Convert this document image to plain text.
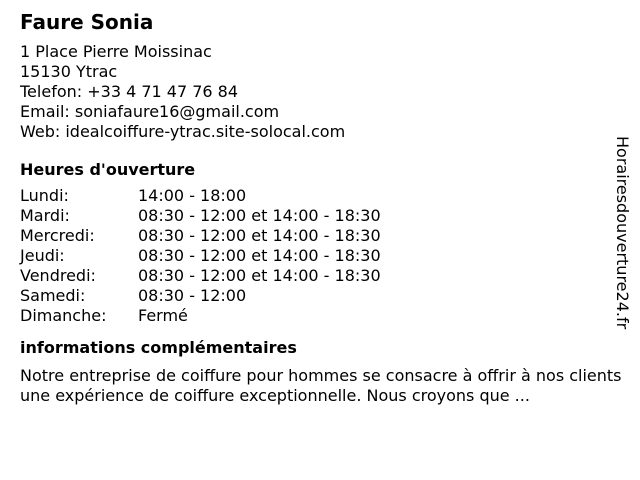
Faure Sonia
1 Place Pierre Moissinac
15130 Ytrac
Telefon: +33 4 71 47 76 84
Email: soniafaure16@gmail.com
Web: idealcoiffure-ytrac.site-solocal.com
Heures d'ouverture
Lundi:	14:00 - 18:00
Mardi:	08:30 - 12:00 et 14:00 - 18:30
Mercredi:	08:30 - 12:00 et 14:00 - 18:30
Jeudi:	08:30 - 12:00 et 14:00 - 18:30
Vendredi:	08:30 - 12:00 et 14:00 - 18:30
Samedi:	08:30 - 12:00
Dimanche:	Fermé
informations complémentaires
Notre entreprise de coiffure pour hommes se consacre à offrir à nos clients une expérience de coiffure exceptionnelle. Nous croyons que ...
Horairesdouverture24.fr
